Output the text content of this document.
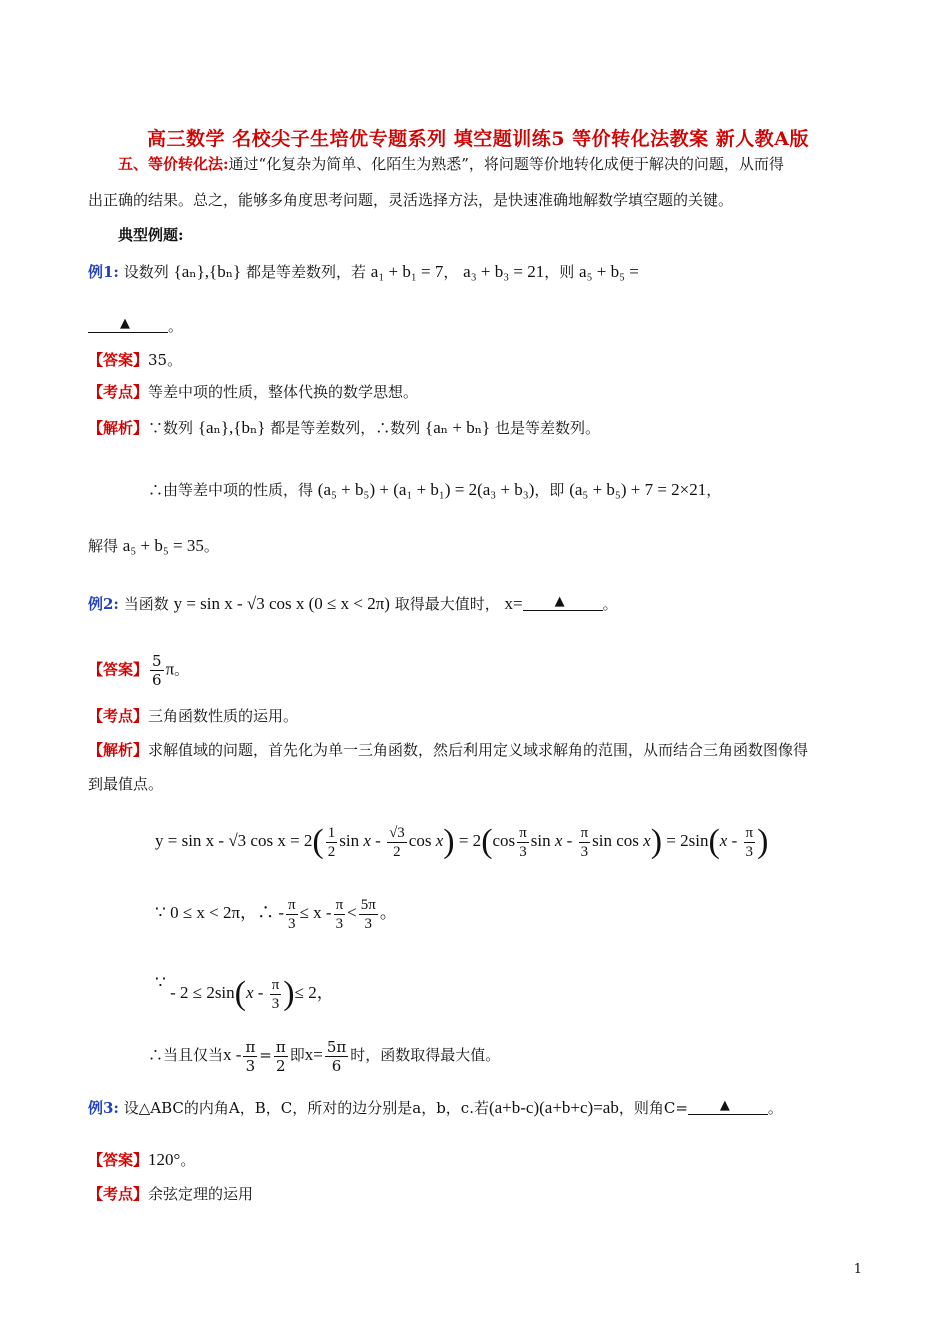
高三数学 名校尖子生培优专题系列 填空题训练5 等价转化法教案 新人教A版
五、等价转化法:通过“化复杂为简单、化陌生为熟悉”，将问题等价地转化成便于解决的问题，从而得
出正确的结果。总之，能够多角度思考问题，灵活选择方法，是快速准确地解数学填空题的关键。
典型例题:
例1: 设数列 {aₙ},{bₙ} 都是等差数列，若 a₁ + b₁ = 7， a₃ + b₃ = 21，则 a₅ + b₅ =
▲	。
【答案】35。
【考点】等差中项的性质，整体代换的数学思想。
【解析】∵数列 {aₙ},{bₙ} 都是等差数列，∴数列 {aₙ + bₙ} 也是等差数列。
∴由等差中项的性质，得 (a₅ + b₅) + (a₁ + b₁) = 2(a₃ + b₃)，即 (a₅ + b₅) + 7 = 2×21，
解得 a₅ + b₅ = 35。
例2: 当函数 y = sin x - √3 cos x (0 ≤ x < 2π) 取得最大值时， x= ▲	。
【答案】 $\frac{5}{6}$ π。
【考点】三角函数性质的运用。
【解析】求解值域的问题，首先化为单一三角函数，然后利用定义域求解角的范围，从而结合三角函数图像得
到最值点。
y = sin x - √3 $\cos x = 2( \frac{1}{2}$ sin x - $\frac{√3}{2}$ $\cos x) = 2(\cos \frac{\pi}{3}$ sin x - $\frac{\pi}{3}$ $\sin \cos x) = 2\sin(x - \frac{\pi}{3}$ )
∵ 0 ≤ x < 2π，∴ - $\frac{\pi}{3} \le x - \frac{\pi}{3} < \frac{5\pi}{3}$ 。
∵ - $2 \le 2\sin(x - \frac{\pi}{3}$ )≤ 2，
∴当且仅当$x - \frac{\pi}{3} = \frac{\pi}{2}$ 即$x= \frac{5\pi}{6}$ 时，函数取得最大值。
例3: 设△ABC的内角A，B，C，所对的边分别是a，b，c.若(a+b-c)(a+b+c)=ab，则角C= ▲	。
【答案】120°。
【考点】余弦定理的运用
1
